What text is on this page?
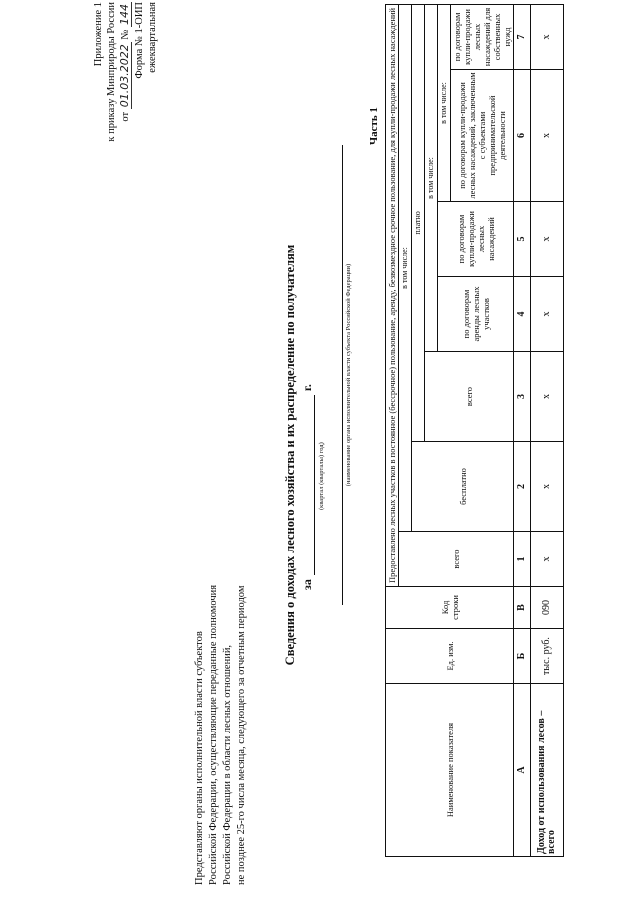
Приложение 1 к приказу Минприроды России от 01.03.2022 № 144 Форма № 1-ОИП ежеквартальная
Представляют органы исполнительной власти субъектов Российской Федерации, осуществляющие переданные полномочия Российской Федерации в области лесных отношений, не позднее 25-го числа месяца, следующего за отчетным периодом
Сведения о доходах лесного хозяйства и их распределение по получателям заг.
(квартал (кварталы) год)	(наименование органа исполнительной власти субъекта Российской Федерации)
Часть 1
Наименование показателя	Ед. изм.	Код строки	Предоставлено лесных участков в постоянное (бессрочное) пользование, аренду, безвозмездное срочное пользование, для купли-продажи лесных насаждений						
			всего	в том числе:					
				бесплатно	платно				
					всего	в том числе:			
						по договорам аренды лесных участков	по договорам купли-продажи лесных насаждений	в том числе:	
								по договорам купли-продажи лесных насаждений, заключенным с субъектами предпринимательской деятельности	по договорам купли-продажи лесных насаждений для собственных нужд

А	Б	В	1	2	3	4	5	6	7
Доход от использования лесов – всего	тыс. руб.	090	х	х	х	х	х	х	х
